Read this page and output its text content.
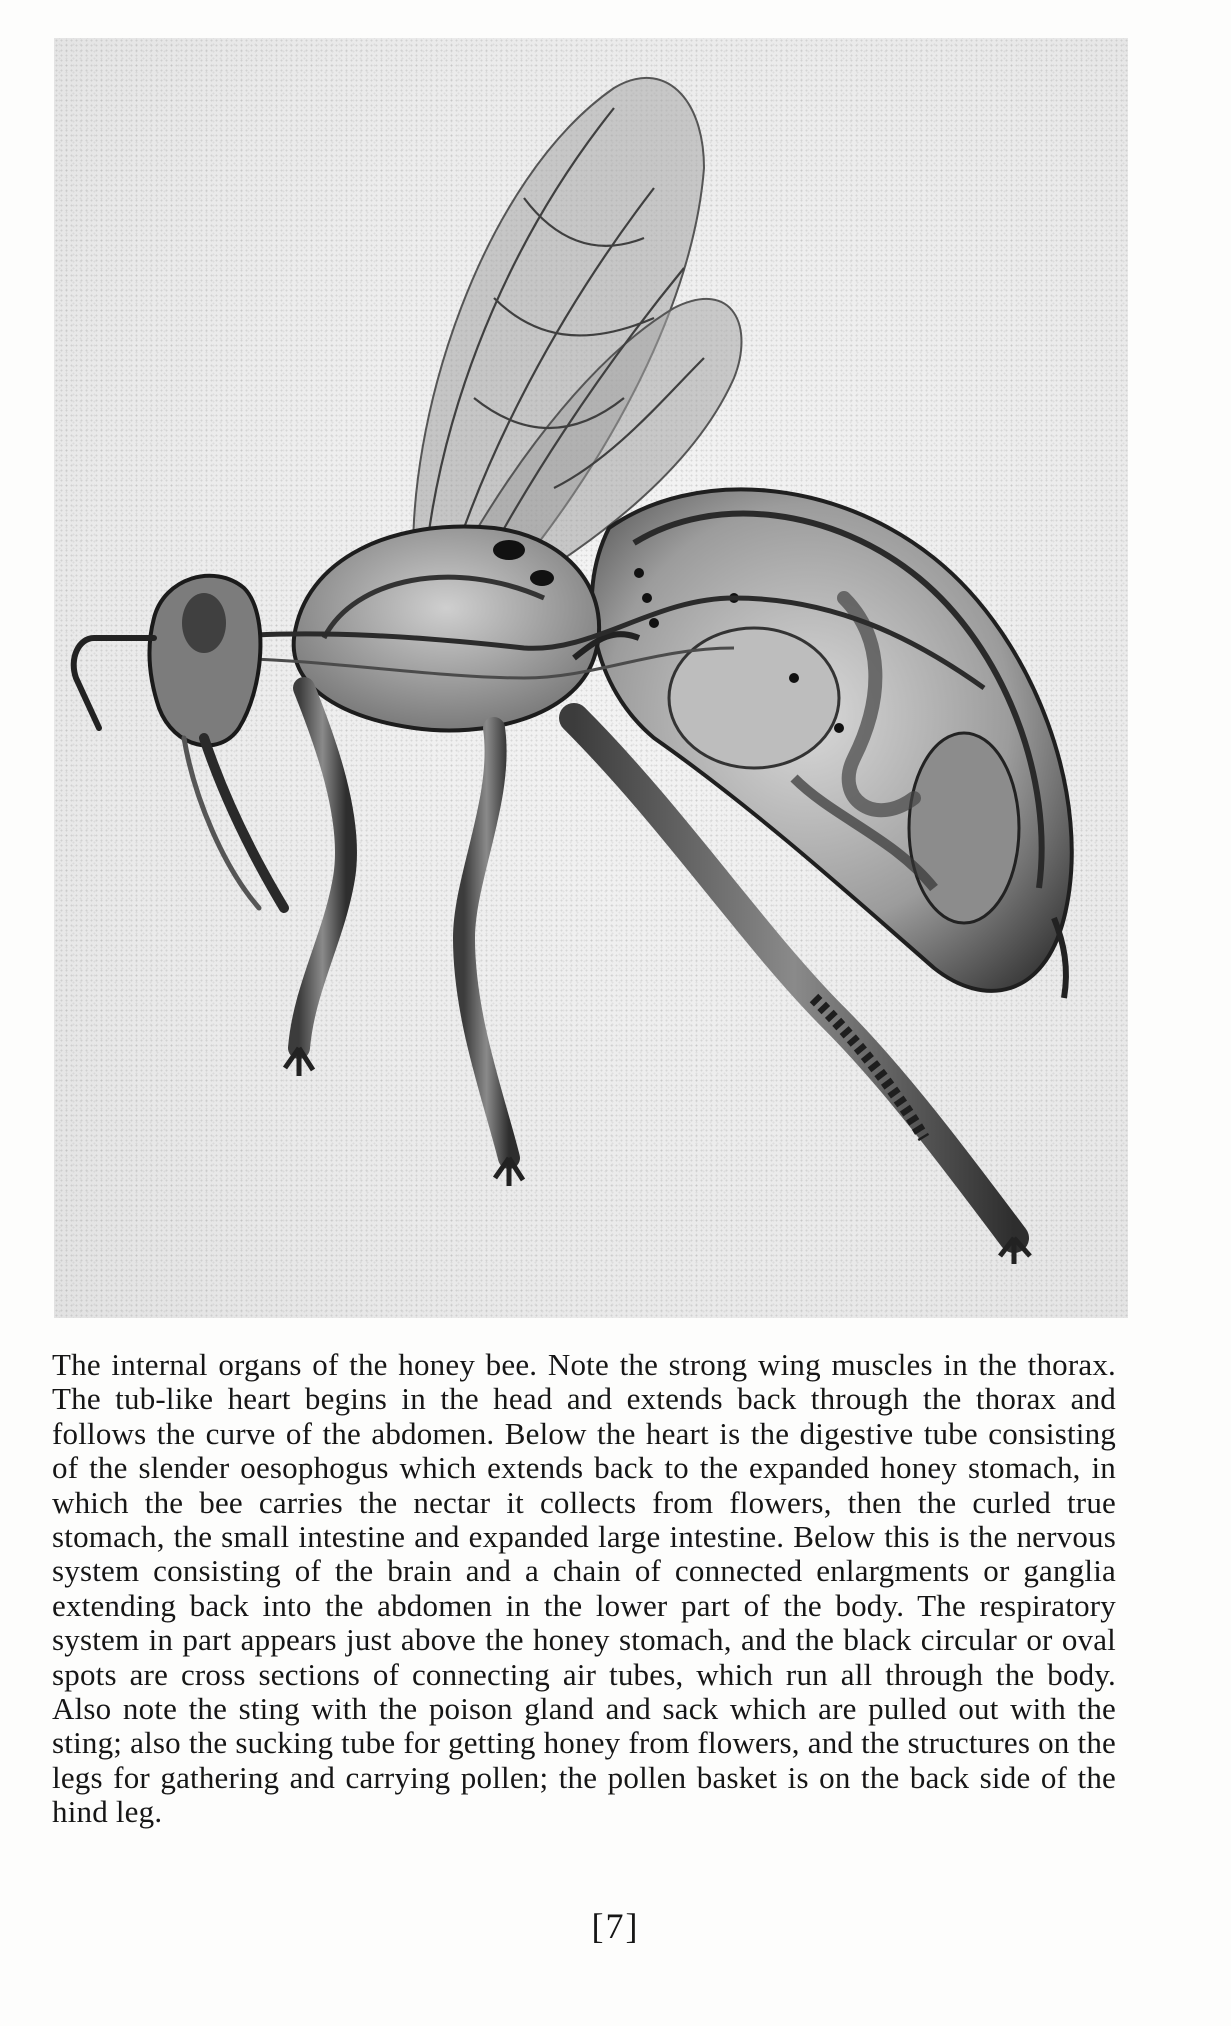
The internal organs of the honey bee. Note the strong wing muscles in the thorax. The tub-like heart begins in the head and extends back through the thorax and follows the curve of the abdomen. Below the heart is the digestive tube consisting of the slender oesophogus which extends back to the expanded honey stomach, in which the bee carries the nectar it collects from flowers, then the curled true stomach, the small intestine and expanded large intestine. Below this is the nervous system consisting of the brain and a chain of connected enlargments or ganglia extending back into the abdomen in the lower part of the body. The respiratory system in part appears just above the honey stomach, and the black circular or oval spots are cross sections of connecting air tubes, which run all through the body. Also note the sting with the poison gland and sack which are pulled out with the sting; also the sucking tube for getting honey from flowers, and the structures on the legs for gathering and carrying pollen; the pollen basket is on the back side of the hind leg.

[7]
